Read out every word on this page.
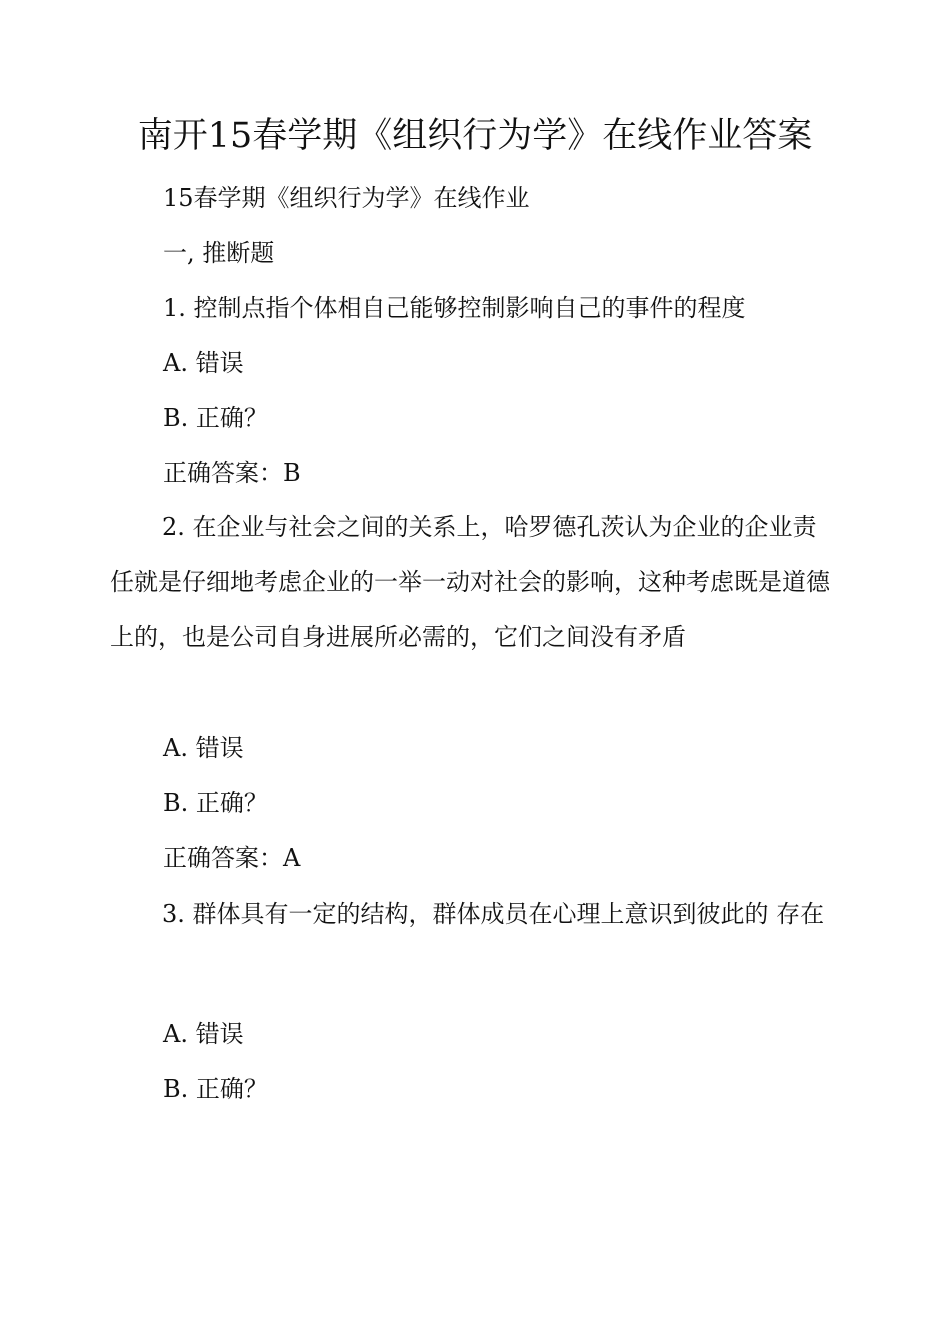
南开15春学期《组织行为学》在线作业答案
15春学期《组织行为学》在线作业
一, 推断题
1. 控制点指个体相自己能够控制影响自己的事件的程度
A. 错误
B. 正确？
正确答案：B

2. 在企业与社会之间的关系上，哈罗德孔茨认为企业的企业责任就是仔细地考虑企业的一举一动对社会的影响，这种考虑既是道德上的，也是公司自身进展所必需的，它们之间没有矛盾

A. 错误
B. 正确？
正确答案：A

3. 群体具有一定的结构，群体成员在心理上意识到彼此的 存在

A. 错误
B. 正确？
